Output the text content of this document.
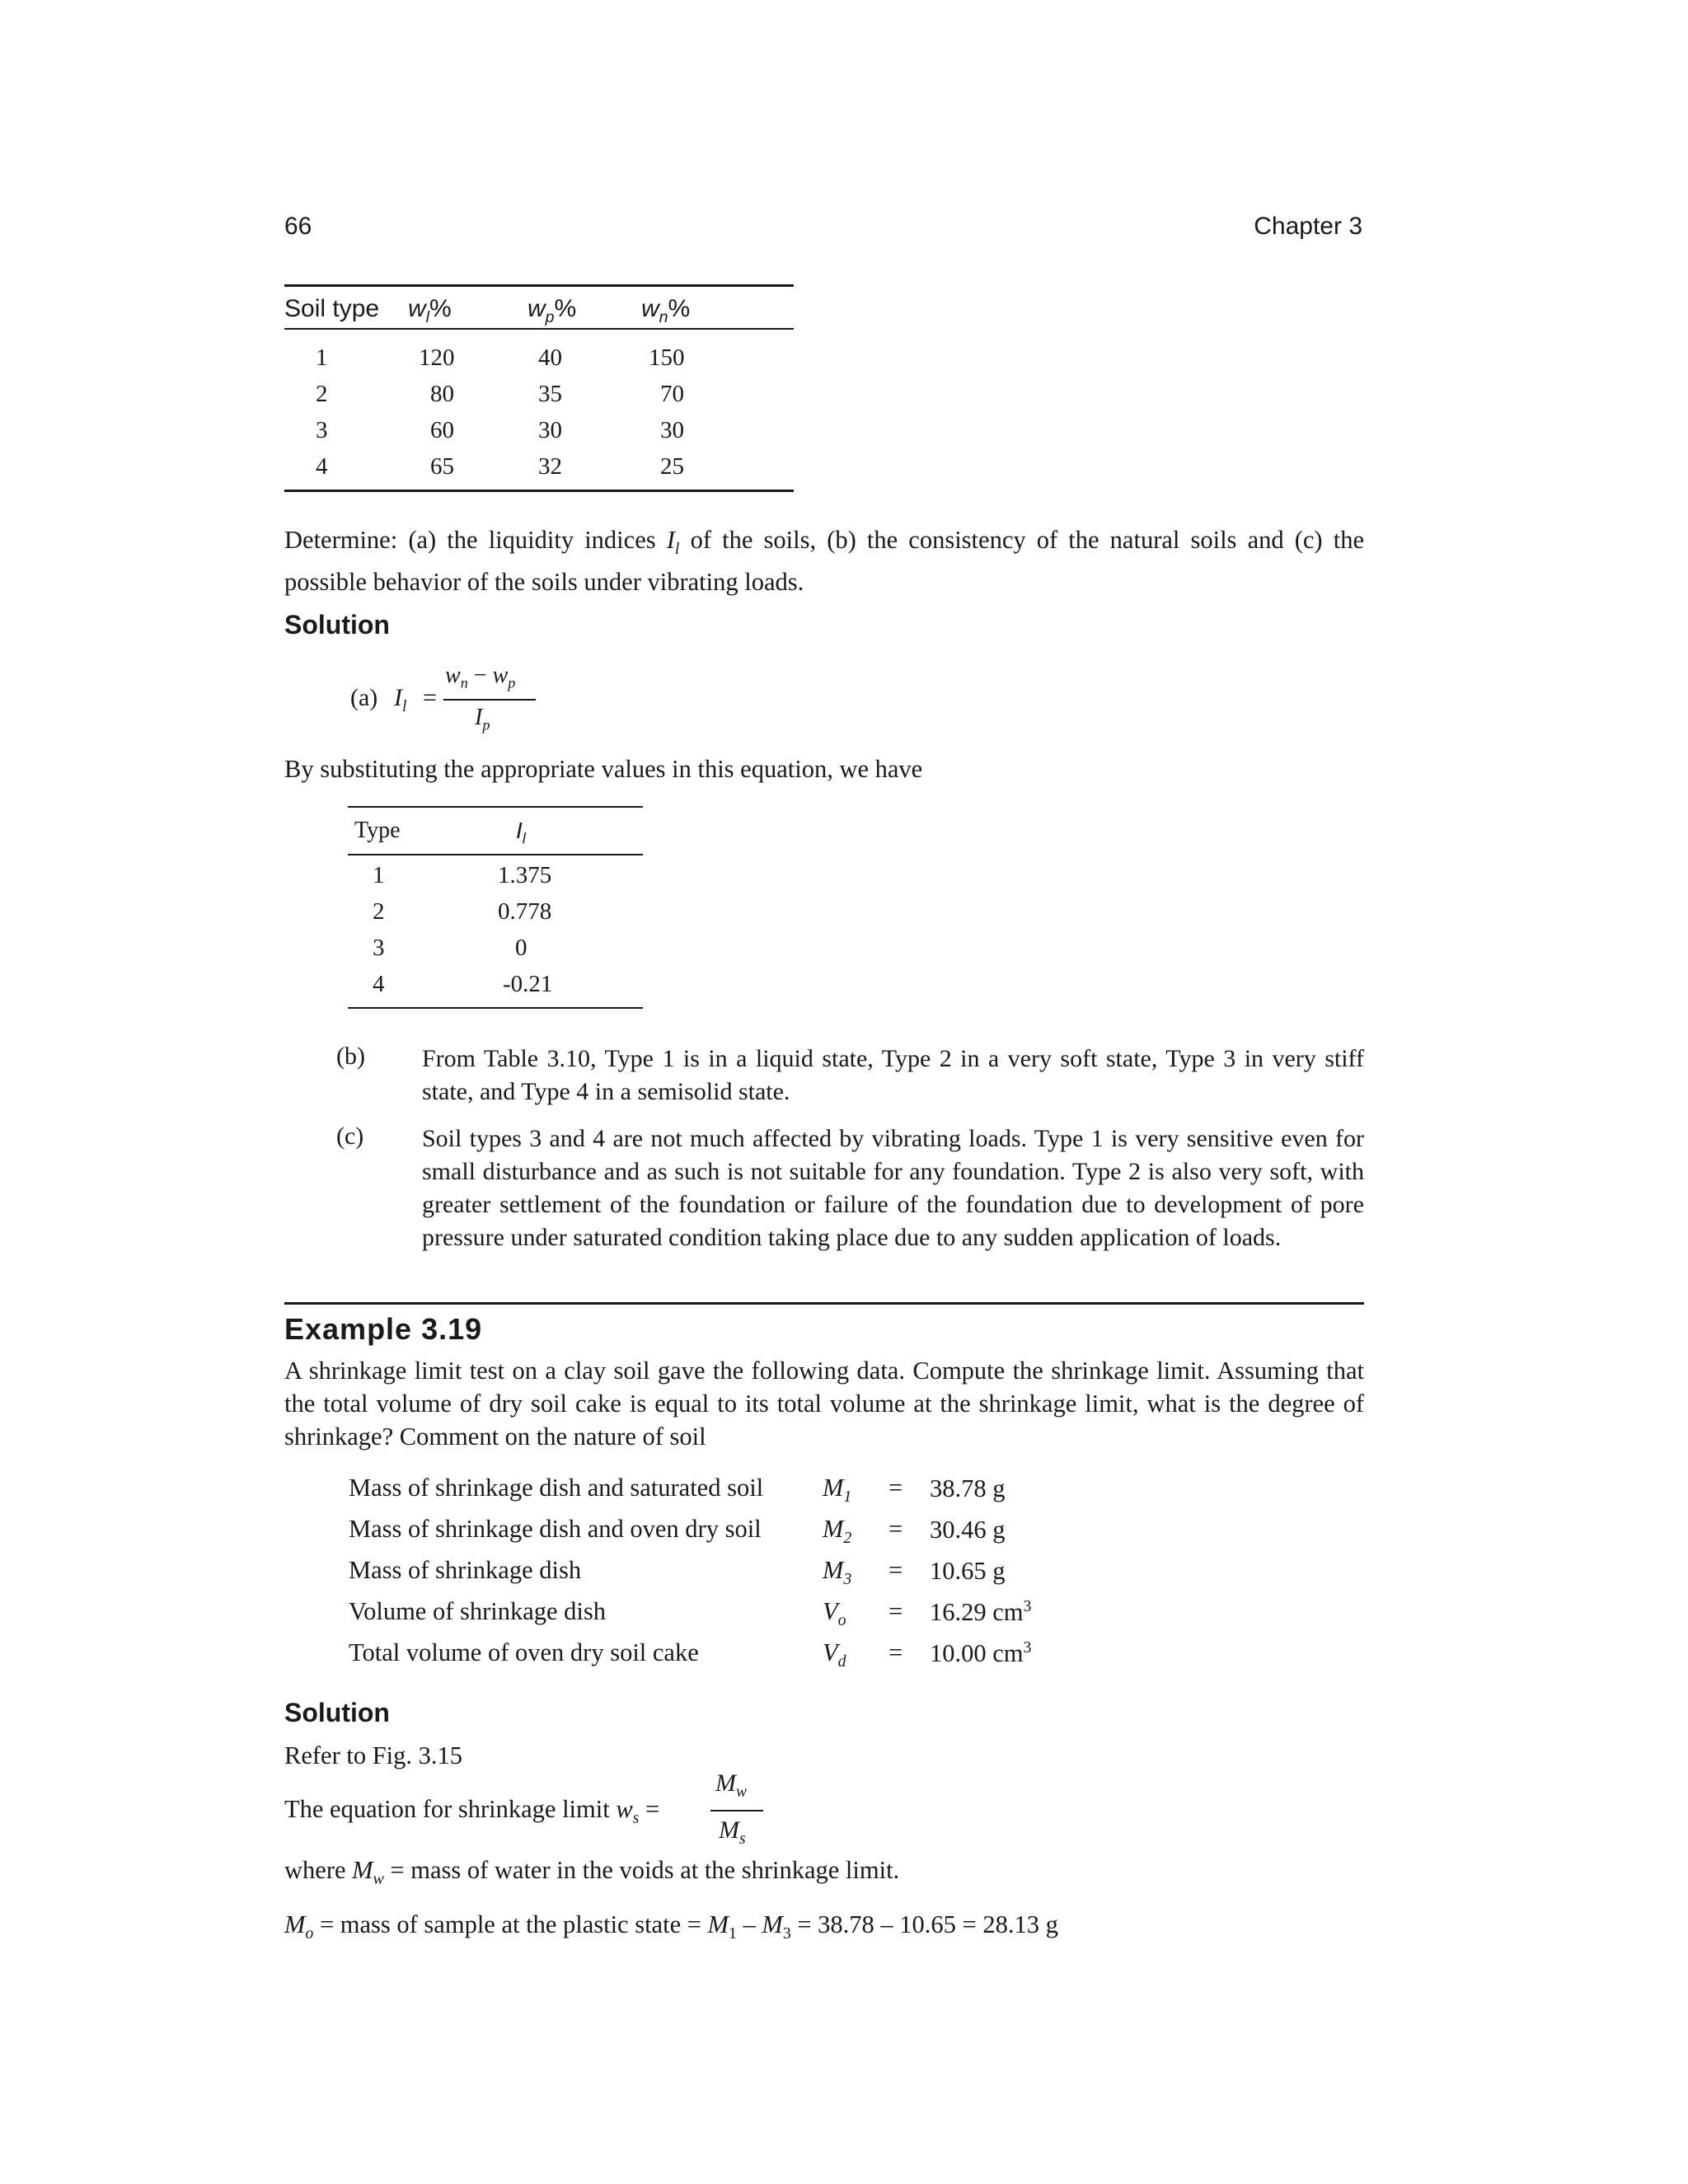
66	Chapter 3
Soil type $w_l\%$	$w_p\%$	$w_n\%$
1	120	40	150
2	80	35	70
3	60	30	30
4	65	32	25
Determine: (a) the liquidity indices $I_l$ of the soils, (b) the consistency of the natural soils and (c) the possible behavior of the soils under vibrating loads.
Solution
(a) $I_l$ =
$w_n - w_p$
$I_p$
By substituting the appropriate values in this equation, we have
Type	$I_l$
1	1.375
2	0.778
3	0
4	-0.21
(b) From Table 3.10, Type 1 is in a liquid state, Type 2 in a very soft state, Type 3 in very stiff state, and Type 4 in a semisolid state.
(c) Soil types 3 and 4 are not much affected by vibrating loads. Type 1 is very sensitive even for small disturbance and as such is not suitable for any foundation. Type 2 is also very soft, with greater settlement of the foundation or failure of the foundation due to development of pore pressure under saturated condition taking place due to any sudden application of loads.
Example 3.19
A shrinkage limit test on a clay soil gave the following data. Compute the shrinkage limit. Assuming that the total volume of dry soil cake is equal to its total volume at the shrinkage limit, what is the degree of shrinkage? Comment on the nature of soil
Mass of shrinkage dish and saturated soil $M_1 = 38.78$ g
Mass of shrinkage dish and oven dry soil $M_2 = 30.46$ g
Mass of shrinkage dish	$M_3 = 10.65$ g
Volume of shrinkage dish	$V_o = 16.29$ $cm^3$
Total volume of oven dry soil cake	$V_d = 10.00$ $cm^3$
Solution
Refer to Fig. 3.15
The equation for shrinkage limit $w_s$ =
$M_w$
$M_s$
where $M_w$ = mass of water in the voids at the shrinkage limit.
$M_o$ = mass of sample at the plastic state = $M_1 - M_3 = 38.78 - 10.65 = 28.13$ g
